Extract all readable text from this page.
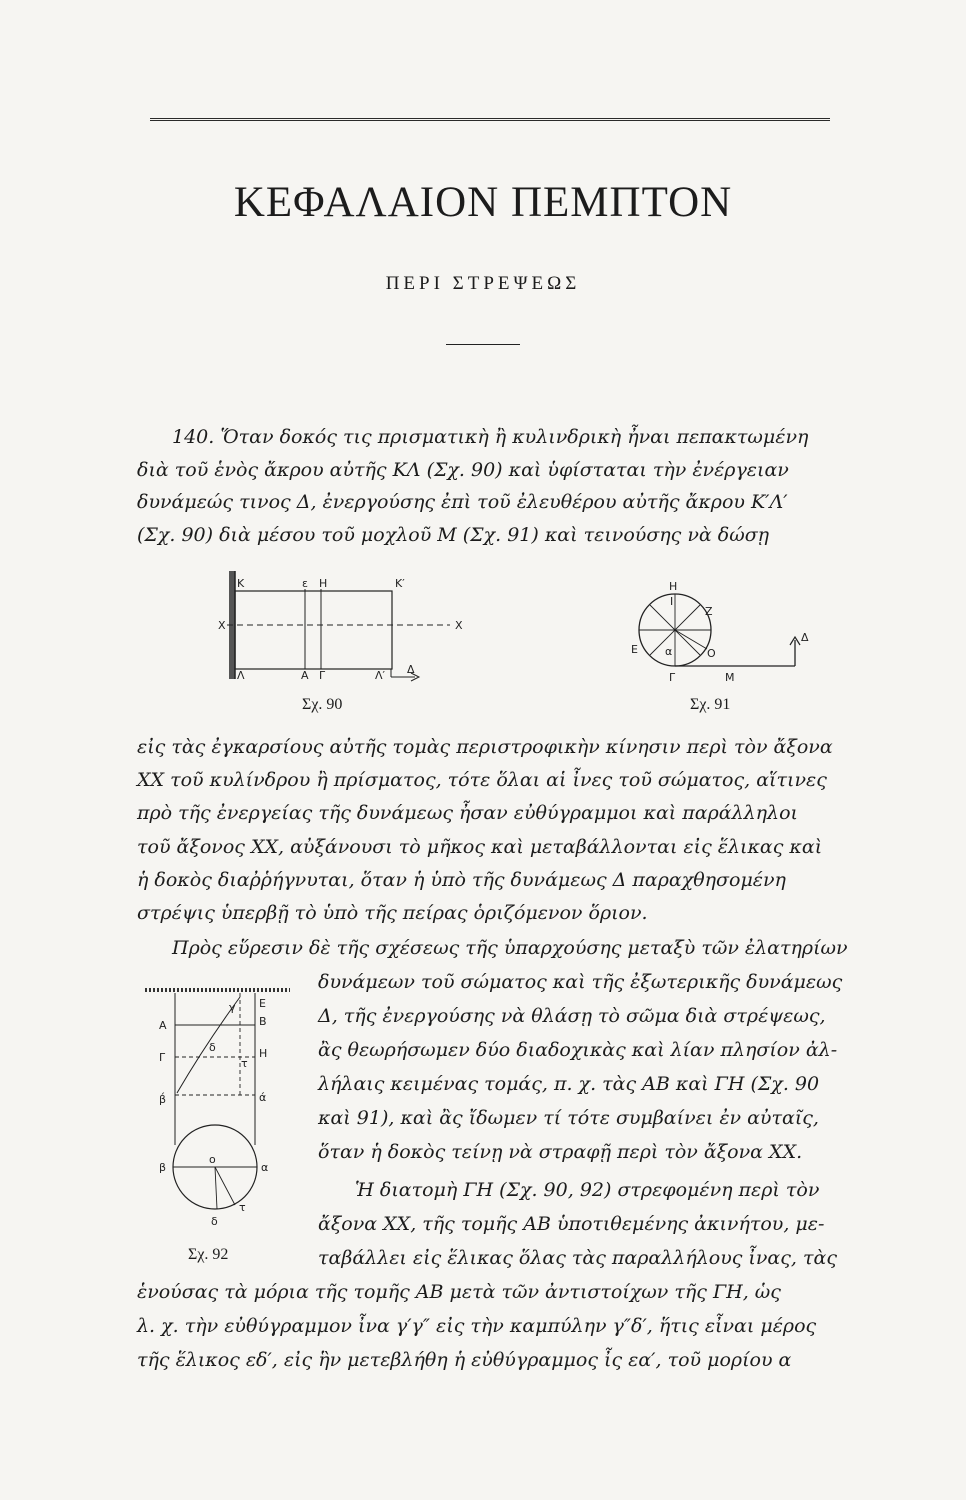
ΚΕΦΑΛΑΙΟΝ ΠΕΜΠΤΟΝ
ΠΕΡΙ ΣΤΡΕΨΕΩΣ
140. Ὅταν δοκός τις πρισματικὴ ἢ κυλινδρικὴ ἦναι πεπακτωμένη
διὰ τοῦ ἑνὸς ἄκρου αὐτῆς ΚΛ (Σχ. 90) καὶ ὑφίσταται τὴν ἐνέργειαν
δυνάμεώς τινος Δ, ἐνεργούσης ἐπὶ τοῦ ἐλευθέρου αὐτῆς ἄκρου Κ′Λ′
(Σχ. 90) διὰ μέσου τοῦ μοχλοῦ Μ (Σχ. 91) καὶ τεινούσης νὰ δώσῃ
K	ε H	K′
X	X
Λ	A Γ	Λ′ Δ
Σχ. 90
I
H
Z
E α	O
Γ	M
Δ
Σχ. 91
εἰς τὰς ἐγκαρσίους αὐτῆς τομὰς περιστροφικὴν κίνησιν περὶ τὸν ἄξονα
ΧΧ τοῦ κυλίνδρου ἢ πρίσματος, τότε ὅλαι αἱ ἶνες τοῦ σώματος, αἵτινες
πρὸ τῆς ἐνεργείας τῆς δυνάμεως ἦσαν εὐθύγραμμοι καὶ παράλληλοι
τοῦ ἄξονος ΧΧ, αὐξάνουσι τὸ μῆκος καὶ μεταβάλλονται εἰς ἕλικας καὶ
ἡ δοκὸς διαῤῥήγνυται, ὅταν ἡ ὑπὸ τῆς δυνάμεως Δ παραχθησομένη
στρέψις ὑπερβῇ τὸ ὑπὸ τῆς πείρας ὁριζόμενον ὅριον.
Πρὸς εὕρεσιν δὲ τῆς σχέσεως τῆς ὑπαρχούσης μεταξὺ τῶν ἐλατηρίων
δυνάμεων τοῦ σώματος καὶ τῆς ἐξωτερικῆς δυνάμεως
Δ, τῆς ἐνεργούσης νὰ θλάσῃ τὸ σῶμα διὰ στρέψεως,
ἂς θεωρήσωμεν δύο διαδοχικὰς καὶ λίαν πλησίον ἀλ-
λήλαις κειμένας τομάς, π. χ. τὰς ΑΒ καὶ ΓΗ (Σχ. 90
καὶ 91), καὶ ἂς ἴδωμεν τί τότε συμβαίνει ἐν αὐταῖς,
ὅταν ἡ δοκὸς τείνῃ νὰ στραφῇ περὶ τὸν ἄξονα ΧΧ.
Ἡ διατομὴ ΓΗ (Σχ. 90, 92) στρεφομένη περὶ τὸν
ἄξονα ΧΧ, τῆς τομῆς ΑΒ ὑποτιθεμένης ἀκινήτου, με-
ταβάλλει εἰς ἕλικας ὅλας τὰς παραλλήλους ἶνας, τὰς
ἑνούσας τὰ μόρια τῆς τομῆς ΑΒ μετὰ τῶν ἀντιστοίχων τῆς ΓΗ, ὡς
λ. χ. τὴν εὐθύγραμμον ἶνα γ′γ″ εἰς τὴν καμπύλην γ″δ′, ἥτις εἶναι μέρος
τῆς ἕλικος εδ′, εἰς ἣν μετεβλήθη ἡ εὐθύγραμμος ἶς εα′, τοῦ μορίου α
A
γ E
B
δ
Γ	H
τ
β́	ά
β
o
α
δ
τ
Σχ. 92
